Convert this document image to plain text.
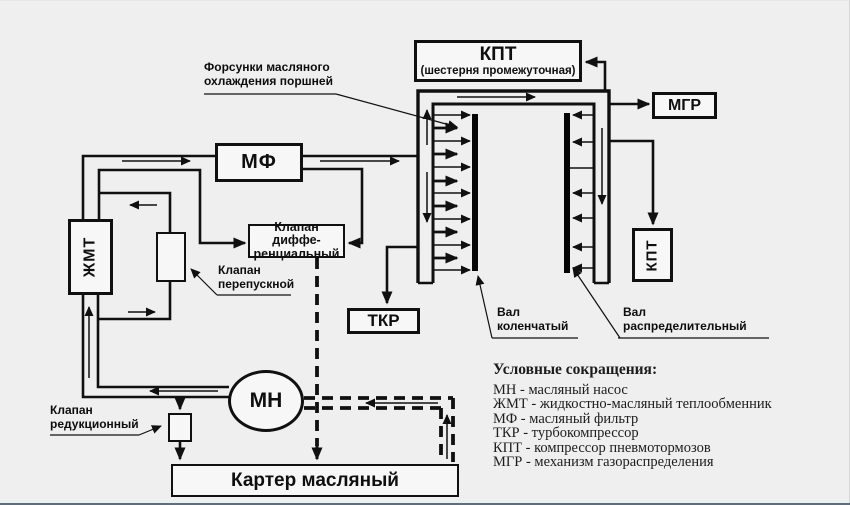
КПТ
(шестерня промежуточная)
МГР
КПТ
МФ
ЖМТ
Клапан диффе-
ренциальный
ТКР
МН
Картер масляный
Форсунки масляного
охлаждения поршней
Клапан
перепускной
Клапан
редукционный
Вал
коленчатый
Вал
распределительный
Условные сокращения:
МН - масляный насос
ЖМТ - жидкостно-масляный теплообменник
МФ - масляный фильтр
ТКР - турбокомпрессор
КПТ - компрессор пневмотормозов
МГР - механизм газораспределения
